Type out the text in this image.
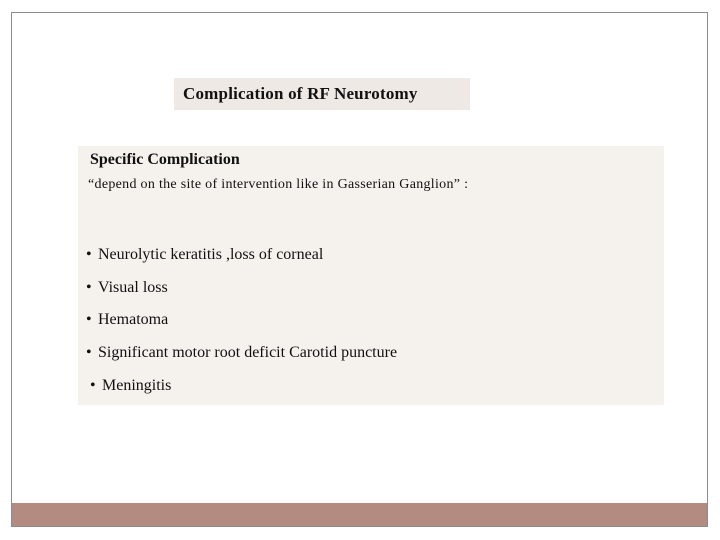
Complication of RF Neurotomy
Specific Complication
“depend on the site of intervention like in Gasserian Ganglion” :
• Neurolytic keratitis ,loss of corneal
• Visual loss
• Hematoma
• Significant motor root deficit Carotid puncture
• Meningitis
